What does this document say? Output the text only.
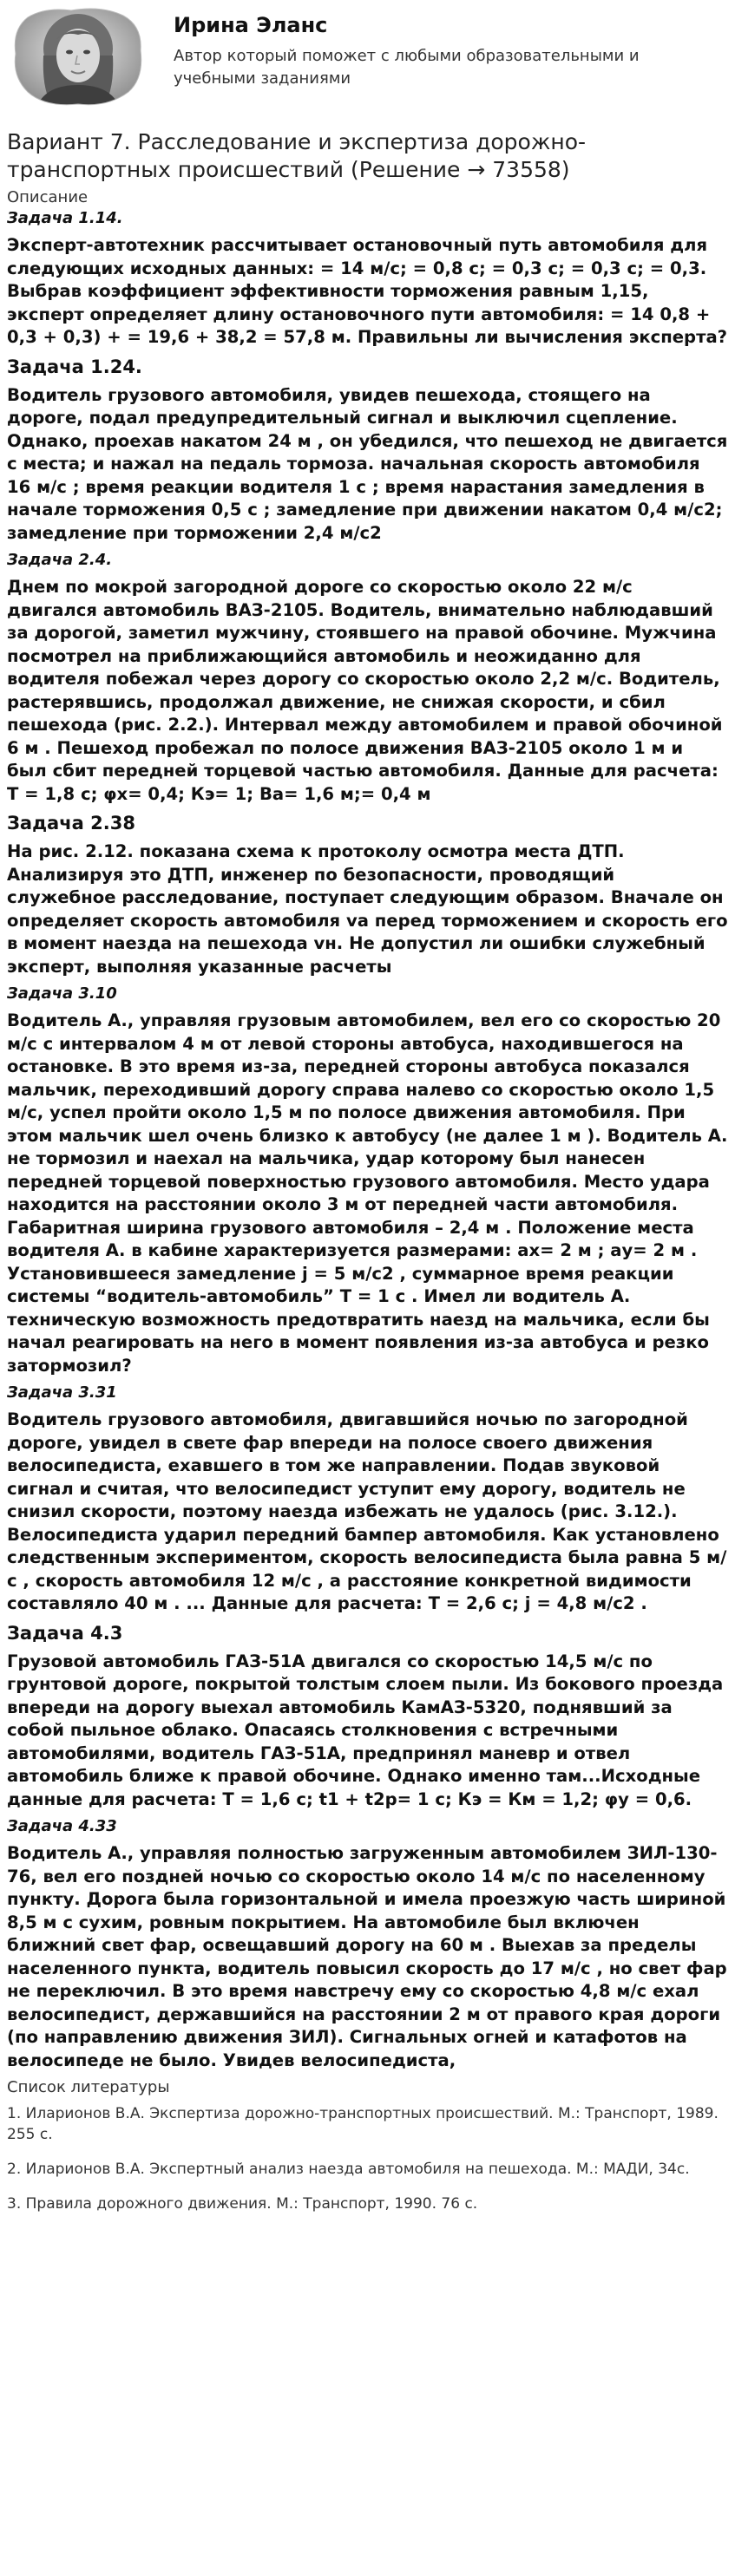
Ирина Эланс
Автор который поможет с любыми образовательными и учебными заданиями
Вариант 7. Расследование и экспертиза дорожно-транспортных происшествий (Решение → 73558)
Описание
Задача 1.14.
Эксперт-автотехник рассчитывает остановочный путь автомобиля для следующих исходных данных: = 14 м/с; = 0,8 с; = 0,3 с; = 0,3 с; = 0,3. Выбрав коэффициент эффективности торможения равным 1,15, эксперт определяет длину остановочного пути автомобиля: = 14 0,8 + 0,3 + 0,3) + = 19,6 + 38,2 = 57,8 м. Правильны ли вычисления эксперта?
Задача 1.24.
Водитель грузового автомобиля, увидев пешехода, стоящего на дороге, подал предупредительный сигнал и выключил сцепление. Однако, проехав накатом 24 м , он убедился, что пешеход не двигается с места; и нажал на педаль тормоза. начальная скорость автомобиля 16 м/с ; время реакции водителя 1 с ; время нарастания замедления в начале торможения 0,5 с ; замедление при движении накатом 0,4 м/с2; замедление при торможении 2,4 м/с2
Задача 2.4.
Днем по мокрой загородной дороге со скоростью около 22 м/с двигался автомобиль ВАЗ-2105. Водитель, внимательно наблюдавший за дорогой, заметил мужчину, стоявшего на правой обочине. Мужчина посмотрел на приближающийся автомобиль и неожиданно для водителя побежал через дорогу со скоростью около 2,2 м/с. Водитель, растерявшись, продолжал движение, не снижая скорости, и сбил пешехода (рис. 2.2.). Интервал между автомобилем и правой обочиной 6 м . Пешеход пробежал по полосе движения ВАЗ-2105 около 1 м и был сбит передней торцевой частью автомобиля. Данные для расчета: Т = 1,8 с; φх= 0,4; Кэ= 1; Ва= 1,6 м;= 0,4 м
Задача 2.38
На рис. 2.12. показана схема к протоколу осмотра места ДТП. Анализируя это ДТП, инженер по безопасности, проводящий служебное расследование, поступает следующим образом. Вначале он определяет скорость автомобиля va перед торможением и скорость его в момент наезда на пешехода vн. Не допустил ли ошибки служебный эксперт, выполняя указанные расчеты
Задача 3.10
Водитель А., управляя грузовым автомобилем, вел его со скоростью 20 м/с с интервалом 4 м от левой стороны автобуса, находившегося на остановке. В это время из-за, передней стороны автобуса показался мальчик, переходивший дорогу справа налево со скоростью около 1,5 м/с, успел пройти около 1,5 м по полосе движения автомобиля. При этом мальчик шел очень близко к автобусу (не далее 1 м ). Водитель А. не тормозил и наехал на мальчика, удар которому был нанесен передней торцевой поверхностью грузового автомобиля. Место удара находится на расстоянии около 3 м от передней части автомобиля. Габаритная ширина грузового автомобиля – 2,4 м . Положение места водителя А. в кабине характеризуется размерами: ах= 2 м ; ау= 2 м . Установившееся замедление j = 5 м/с2 , суммарное время реакции системы “водитель-автомобиль” Т = 1 с . Имел ли водитель А. техническую возможность предотвратить наезд на мальчика, если бы начал реагировать на него в момент появления из-за автобуса и резко затормозил?
Задача 3.31
Водитель грузового автомобиля, двигавшийся ночью по загородной дороге, увидел в свете фар впереди на полосе своего движения велосипедиста, ехавшего в том же направлении. Подав звуковой сигнал и считая, что велосипедист уступит ему дорогу, водитель не снизил скорости, поэтому наезда избежать не удалось (рис. 3.12.). Велосипедиста ударил передний бампер автомобиля. Как установлено следственным экспериментом, скорость велосипедиста была равна 5 м/с , скорость автомобиля 12 м/с , а расстояние конкретной видимости составляло 40 м . ... Данные для расчета: Т = 2,6 с; j = 4,8 м/с2 .
Задача 4.3
Грузовой автомобиль ГАЗ-51А двигался со скоростью 14,5 м/с по грунтовой дороге, покрытой толстым слоем пыли. Из бокового проезда впереди на дорогу выехал автомобиль КамАЗ-5320, поднявший за собой пыльное облако. Опасаясь столкновения с встречными автомобилями, водитель ГАЗ-51А, предпринял маневр и отвел автомобиль ближе к правой обочине. Однако именно там...Исходные данные для расчета: Т = 1,6 с; t1 + t2р= 1 с; Кэ = Км = 1,2; φу = 0,6.
Задача 4.33
Водитель А., управляя полностью загруженным автомобилем ЗИЛ-130-76, вел его поздней ночью со скоростью около 14 м/с по населенному пункту. Дорога была горизонтальной и имела проезжую часть шириной 8,5 м с сухим, ровным покрытием. На автомобиле был включен ближний свет фар, освещавший дорогу на 60 м . Выехав за пределы населенного пункта, водитель повысил скорость до 17 м/с , но свет фар не переключил. В это время навстречу ему со скоростью 4,8 м/с ехал велосипедист, державшийся на расстоянии 2 м от правого края дороги (по направлению движения ЗИЛ). Сигнальных огней и катафотов на велосипеде не было. Увидев велосипедиста,
Список литературы
1. Иларионов В.А. Экспертиза дорожно-транспортных происшествий. М.: Транспорт, 1989. 255 с.
2. Иларионов В.А. Экспертный анализ наезда автомобиля на пешехода. М.: МАДИ, 34с.
3. Правила дорожного движения. М.: Транспорт, 1990. 76 с.
